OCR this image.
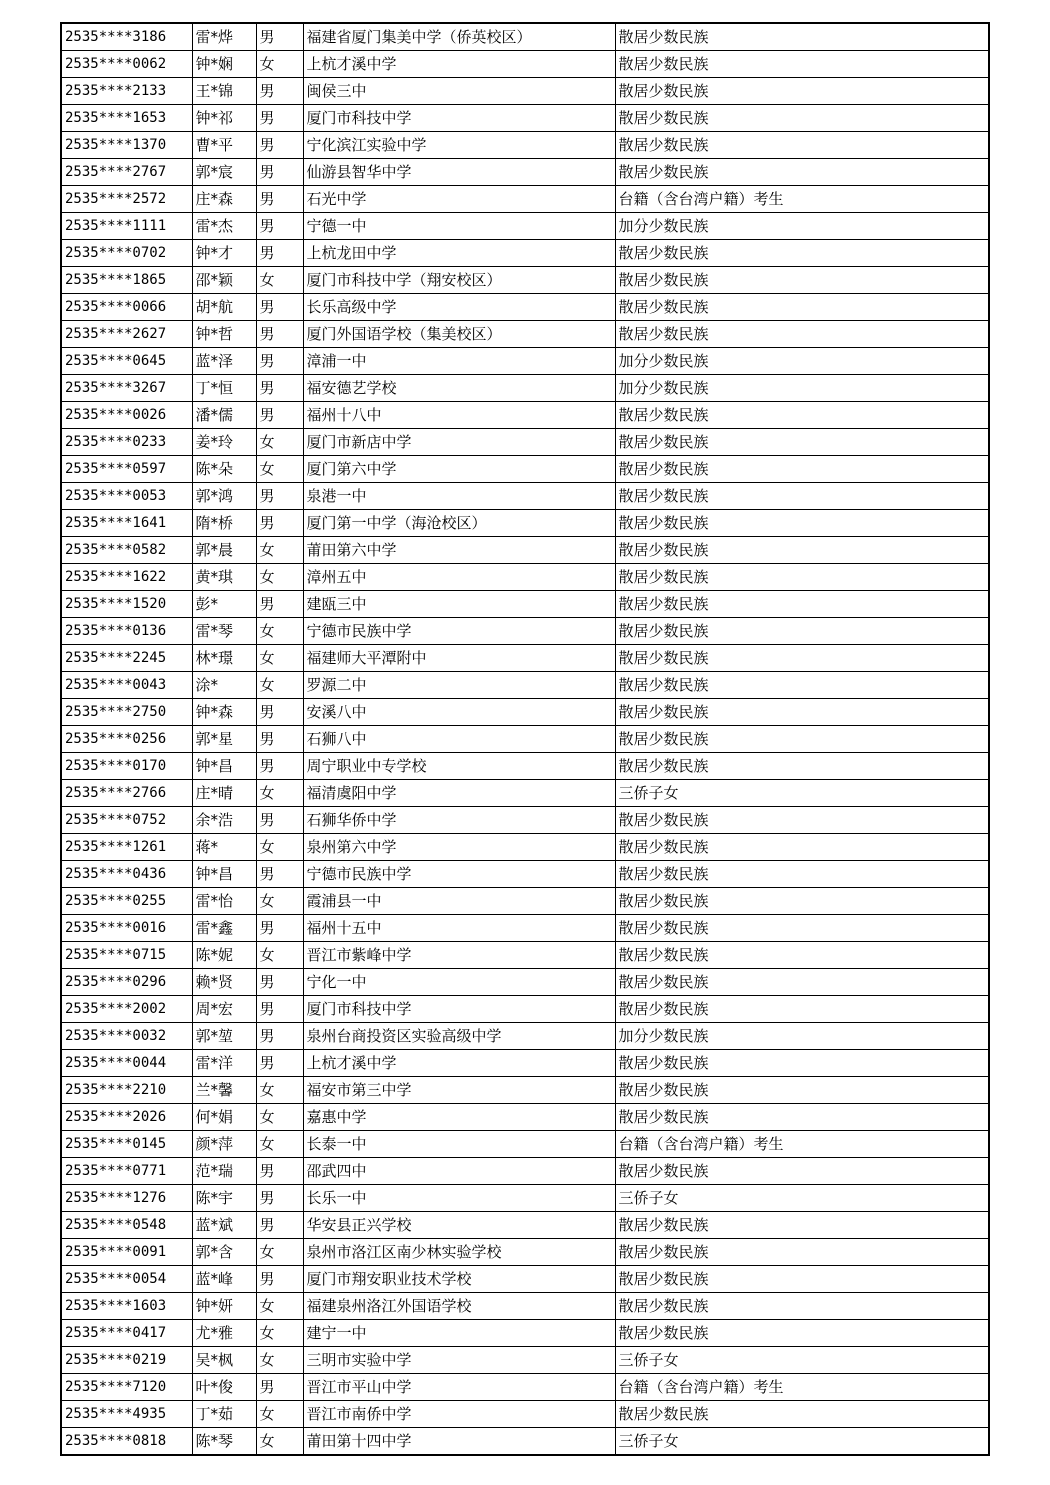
2535****3186	雷*烨	男	福建省厦门集美中学（侨英校区）	散居少数民族
2535****0062	钟*娴	女	上杭才溪中学	散居少数民族
2535****2133	王*锦	男	闽侯三中	散居少数民族
2535****1653	钟*祁	男	厦门市科技中学	散居少数民族
2535****1370	曹*平	男	宁化滨江实验中学	散居少数民族
2535****2767	郭*宸	男	仙游县智华中学	散居少数民族
2535****2572	庄*森	男	石光中学	台籍（含台湾户籍）考生
2535****1111	雷*杰	男	宁德一中	加分少数民族
2535****0702	钟*才	男	上杭龙田中学	散居少数民族
2535****1865	邵*颖	女	厦门市科技中学（翔安校区）	散居少数民族
2535****0066	胡*航	男	长乐高级中学	散居少数民族
2535****2627	钟*哲	男	厦门外国语学校（集美校区）	散居少数民族
2535****0645	蓝*泽	男	漳浦一中	加分少数民族
2535****3267	丁*恒	男	福安德艺学校	加分少数民族
2535****0026	潘*儒	男	福州十八中	散居少数民族
2535****0233	姜*玲	女	厦门市新店中学	散居少数民族
2535****0597	陈*朵	女	厦门第六中学	散居少数民族
2535****0053	郭*鸿	男	泉港一中	散居少数民族
2535****1641	隋*桥	男	厦门第一中学（海沧校区）	散居少数民族
2535****0582	郭*晨	女	莆田第六中学	散居少数民族
2535****1622	黄*琪	女	漳州五中	散居少数民族
2535****1520	彭*	男	建瓯三中	散居少数民族
2535****0136	雷*琴	女	宁德市民族中学	散居少数民族
2535****2245	林*璟	女	福建师大平潭附中	散居少数民族
2535****0043	涂*	女	罗源二中	散居少数民族
2535****2750	钟*森	男	安溪八中	散居少数民族
2535****0256	郭*星	男	石狮八中	散居少数民族
2535****0170	钟*昌	男	周宁职业中专学校	散居少数民族
2535****2766	庄*晴	女	福清虞阳中学	三侨子女
2535****0752	余*浩	男	石狮华侨中学	散居少数民族
2535****1261	蒋*	女	泉州第六中学	散居少数民族
2535****0436	钟*昌	男	宁德市民族中学	散居少数民族
2535****0255	雷*怡	女	霞浦县一中	散居少数民族
2535****0016	雷*鑫	男	福州十五中	散居少数民族
2535****0715	陈*妮	女	晋江市紫峰中学	散居少数民族
2535****0296	赖*贤	男	宁化一中	散居少数民族
2535****2002	周*宏	男	厦门市科技中学	散居少数民族
2535****0032	郭*堃	男	泉州台商投资区实验高级中学	加分少数民族
2535****0044	雷*洋	男	上杭才溪中学	散居少数民族
2535****2210	兰*馨	女	福安市第三中学	散居少数民族
2535****2026	何*娟	女	嘉惠中学	散居少数民族
2535****0145	颜*萍	女	长泰一中	台籍（含台湾户籍）考生
2535****0771	范*瑞	男	邵武四中	散居少数民族
2535****1276	陈*宇	男	长乐一中	三侨子女
2535****0548	蓝*斌	男	华安县正兴学校	散居少数民族
2535****0091	郭*含	女	泉州市洛江区南少林实验学校	散居少数民族
2535****0054	蓝*峰	男	厦门市翔安职业技术学校	散居少数民族
2535****1603	钟*妍	女	福建泉州洛江外国语学校	散居少数民族
2535****0417	尤*雅	女	建宁一中	散居少数民族
2535****0219	吴*枫	女	三明市实验中学	三侨子女
2535****7120	叶*俊	男	晋江市平山中学	台籍（含台湾户籍）考生
2535****4935	丁*茹	女	晋江市南侨中学	散居少数民族
2535****0818	陈*琴	女	莆田第十四中学	三侨子女
